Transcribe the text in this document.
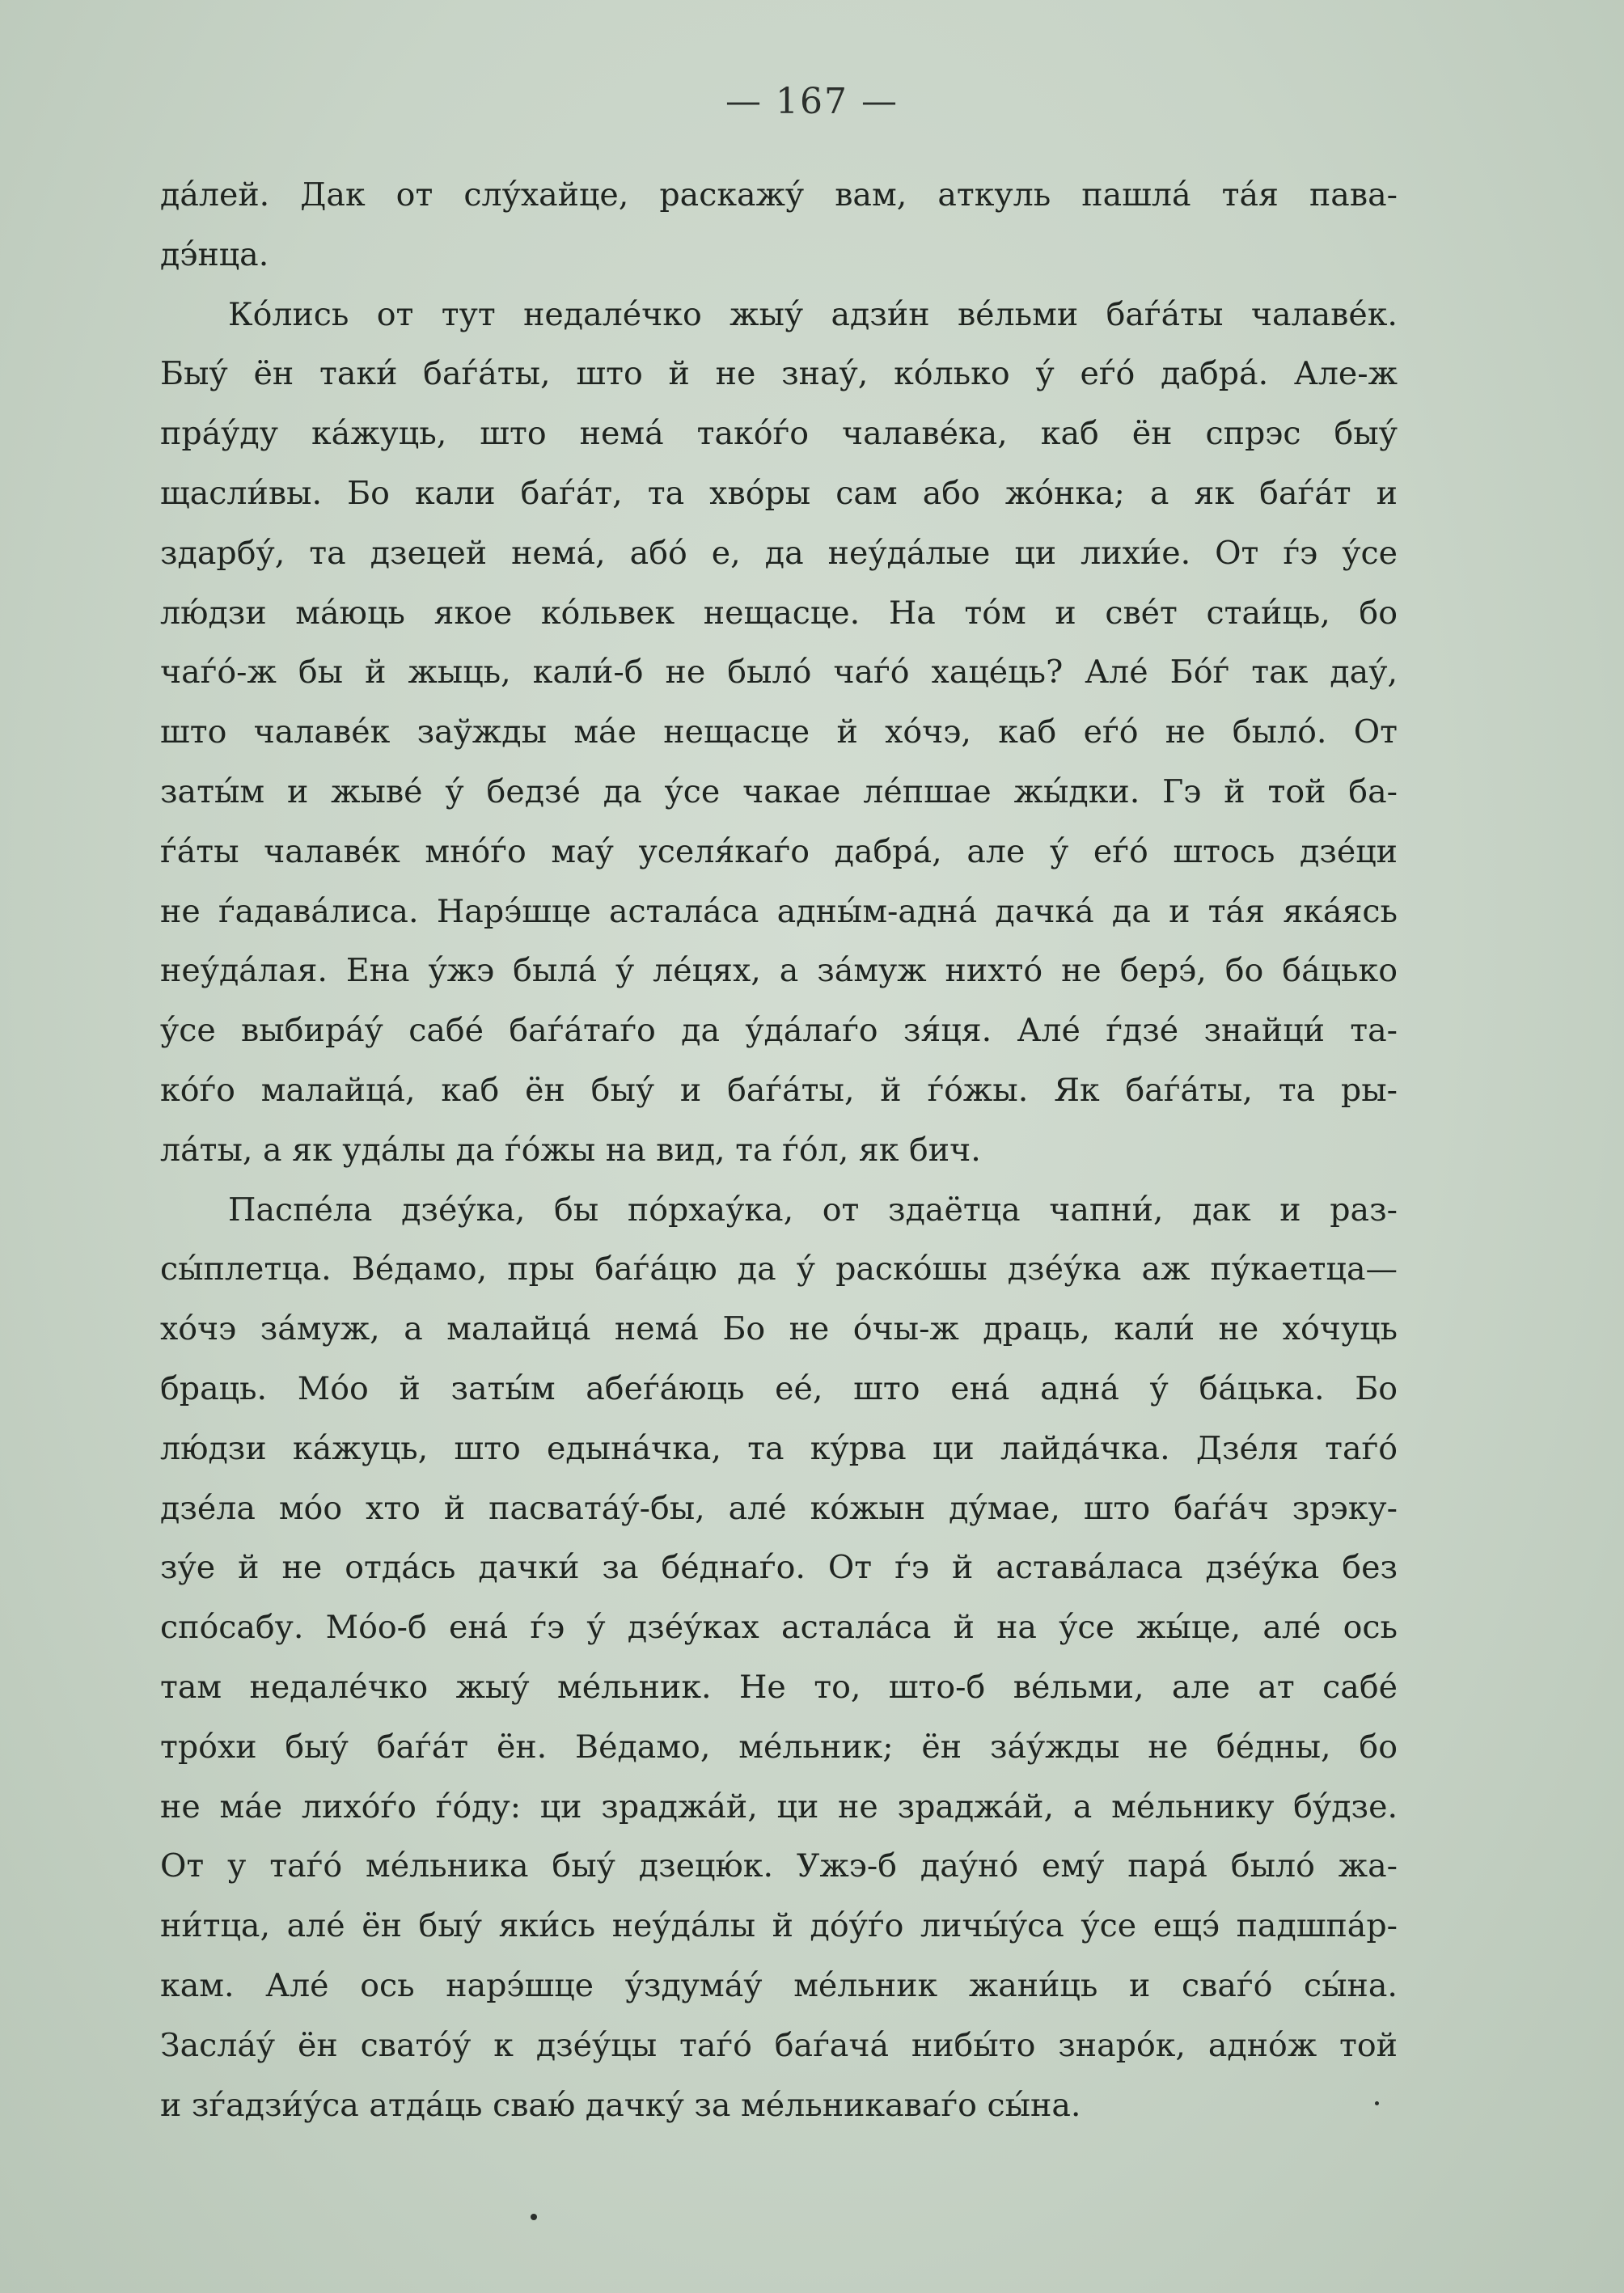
— 167 —

да́лей. Дак от слу́хайце, раскажу́ вам, аткуль пашла́ та́я пава-
дэ́нца.

Ко́лись от тут недале́чко жыу́ адзи́н ве́льми баѓа́ты чалаве́к.
Быу́ ён таки́ баѓа́ты, што й не знау́, ко́лько у́ еѓо́ дабра́. Але-ж
пра́у́ду ка́жуць, што нема́ тако́ѓо чалаве́ка, каб ён спрэс быу́
щасли́вы. Бо кали баѓа́т, та хво́ры сам або жо́нка; а як баѓа́т и
здарбу́, та дзецей нема́, або́ е, да неу́да́лые ци лихи́е. От ѓэ у́се
лю́дзи ма́юць якое ко́львек нещасце. На то́м и све́т стаи́ць, бо
чаѓо́-ж бы й жыць, кали́-б не было́ чаѓо́ хаце́ць? Але́ Бо́ѓ так дау́,
што чалаве́к заўжды ма́е нещасце й хо́чэ, каб еѓо́ не было́. От
заты́м и жыве́ у́ бедзе́ да у́се чакае ле́пшае жы́дки. Гэ й той ба-
ѓа́ты чалаве́к мно́ѓо мау́ уселя́каѓо дабра́, але у́ еѓо́ штось дзе́ци
не ѓадава́лиса. Нарэ́шце астала́са адны́м-адна́ дачка́ да и та́я яка́ясь
неу́да́лая. Ена у́жэ была́ у́ ле́цях, а за́муж нихто́ не берэ́, бо ба́цько
у́се выбира́у́ сабе́ баѓа́таѓо да у́да́лаѓо зя́ця. Але́ ѓдзе́ знайци́ та-
ко́ѓо малайца́, каб ён быу́ и баѓа́ты, й ѓо́жы. Як баѓа́ты, та ры-
ла́ты, а як уда́лы да ѓо́жы на вид, та ѓо́л, як бич.

Паспе́ла дзе́у́ка, бы по́рхау́ка, от здаётца чапни́, дак и раз-
сы́плетца. Ве́дамо, пры баѓа́цю да у́ раско́шы дзе́у́ка аж пу́каетца—
хо́чэ за́муж, а малайца́ нема́ Бо не о́чы-ж драць, кали́ не хо́чуць
браць. Мо́о й заты́м абеѓа́юць ее́, што ена́ адна́ у́ ба́цька. Бо
лю́дзи ка́жуць, што едына́чка, та ку́рва ци лайда́чка. Дзе́ля таѓо́
дзе́ла мо́о хто й пасвата́у́-бы, але́ ко́жын ду́мае, што баѓа́ч зрэку-
зу́е й не отда́сь дачки́ за бе́днаѓо. От ѓэ й астава́ласа дзе́у́ка без
спо́сабу. Мо́о-б ена́ ѓэ у́ дзе́у́ках астала́са й на у́се жы́це, але́ ось
там недале́чко жыу́ ме́льник. Не то, што-б ве́льми, але ат сабе́
тро́хи быу́ баѓа́т ён. Ве́дамо, ме́льник; ён за́у́жды не бе́дны, бо
не ма́е лихо́ѓо ѓо́ду: ци зраджа́й, ци не зраджа́й, а ме́льнику бу́дзе.
От у таѓо́ ме́льника быу́ дзецю́к. Ужэ-б дау́но́ ему́ пара́ было́ жа-
ни́тца, але́ ён быу́ яки́сь неу́да́лы й до́у́ѓо личы́у́са у́се ещэ́ падшпа́р-
кам. Але́ ось нарэ́шце у́здума́у́ ме́льник жани́ць и сваѓо́ сы́на.
Засла́у́ ён свато́у́ к дзе́у́цы таѓо́ баѓача́ нибы́то знаро́к, адно́ж той
и зѓадзи́у́са атда́ць сваю́ дачку́ за ме́льникаваѓо сы́на.
